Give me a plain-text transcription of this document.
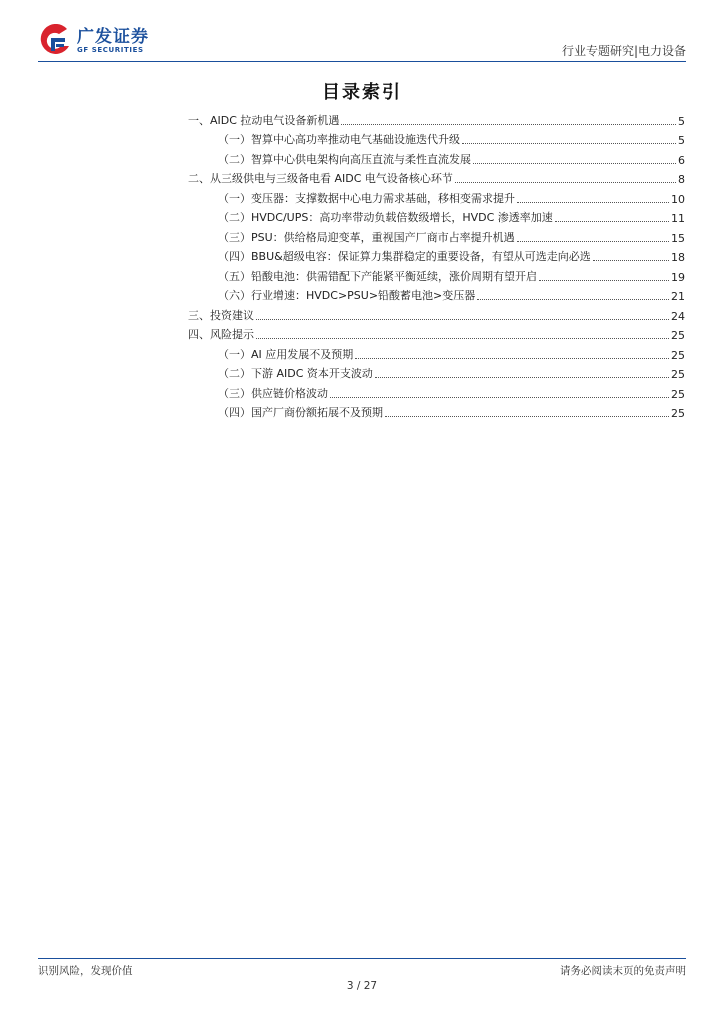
广发证券
GF SECURITIES	行业专题研究|电力设备
目录索引
一、AIDC 拉动电气设备新机遇	5
（一）智算中心高功率推动电气基础设施迭代升级	5
（二）智算中心供电架构向高压直流与柔性直流发展	6
二、从三级供电与三级备电看 AIDC 电气设备核心环节	8
（一）变压器：支撑数据中心电力需求基础，移相变需求提升	10
（二）HVDC/UPS：高功率带动负载倍数级增长，HVDC 渗透率加速	11
（三）PSU：供给格局迎变革，重视国产厂商市占率提升机遇	15
（四）BBU&超级电容：保证算力集群稳定的重要设备，有望从可选走向必选	18
（五）铅酸电池：供需错配下产能紧平衡延续，涨价周期有望开启	19
（六）行业增速：HVDC>PSU>铅酸蓄电池>变压器	21
三、投资建议	24
四、风险提示	25
（一）AI 应用发展不及预期	25
（二）下游 AIDC 资本开支波动	25
（三）供应链价格波动	25
（四）国产厂商份额拓展不及预期	25
识别风险，发现价值	请务必阅读末页的免责声明
3 / 27
